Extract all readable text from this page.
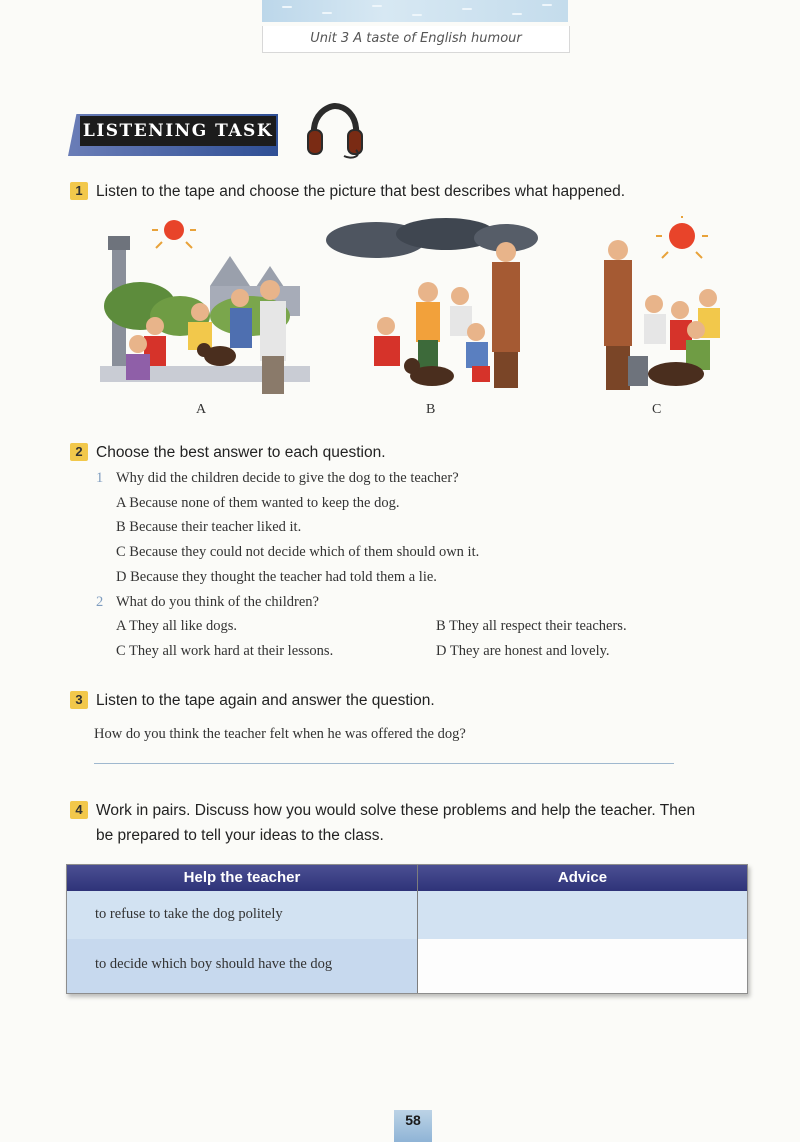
Unit 3 A taste of English humour
LISTENING TASK
1 Listen to the tape and choose the picture that best describes what happened.
A	B	C
2 Choose the best answer to each question.
1 Why did the children decide to give the dog to the teacher?
A Because none of them wanted to keep the dog.
B Because their teacher liked it.
C Because they could not decide which of them should own it.
D Because they thought the teacher had told them a lie.
2 What do you think of the children?
A They all like dogs.	B They all respect their teachers.
C They all work hard at their lessons.	D They are honest and lovely.
3 Listen to the tape again and answer the question.
How do you think the teacher felt when he was offered the dog?
4 Work in pairs. Discuss how you would solve these problems and help the teacher. Then
be prepared to tell your ideas to the class.
Help the teacher	Advice
to refuse to take the dog politely
to decide which boy should have the dog
58
